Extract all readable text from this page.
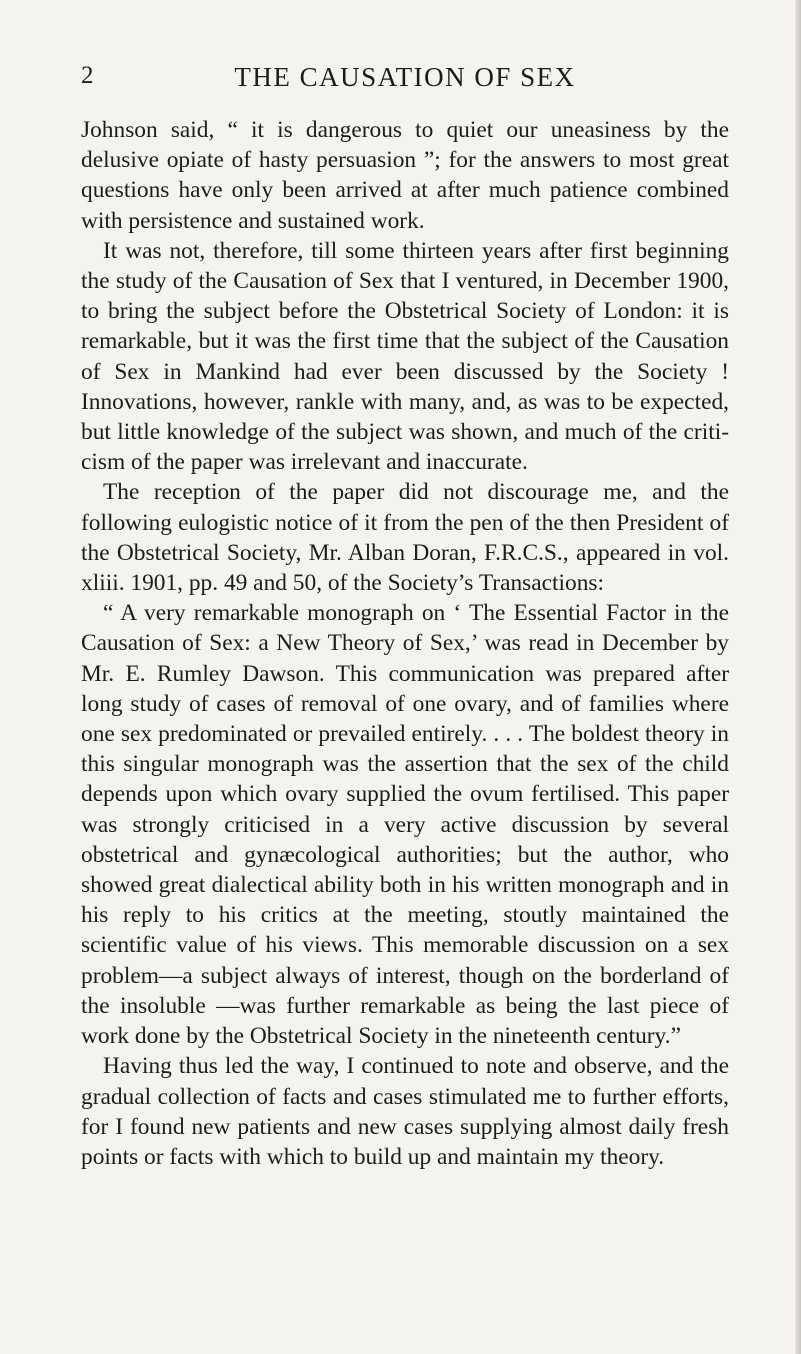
2	THE CAUSATION OF SEX

Johnson said, “ it is dangerous to quiet our uneasiness by the delusive opiate of hasty persuasion ”; for the answers to most great questions have only been arrived at after much patience combined with persistence and sustained work.

It was not, therefore, till some thirteen years after first beginning the study of the Causation of Sex that I ventured, in December 1900, to bring the subject before the Obstetrical Society of London: it is remarkable, but it was the first time that the subject of the Causation of Sex in Mankind had ever been discussed by the Society ! Innovations, however, rankle with many, and, as was to be expected, but little knowledge of the subject was shown, and much of the criti-cism of the paper was irrelevant and inaccurate.

The reception of the paper did not discourage me, and the following eulogistic notice of it from the pen of the then President of the Obstetrical Society, Mr. Alban Doran, F.R.C.S., appeared in vol. xliii. 1901, pp. 49 and 50, of the Society’s Transactions:

“ A very remarkable monograph on ‘ The Essential Factor in the Causation of Sex: a New Theory of Sex,’ was read in December by Mr. E. Rumley Dawson. This communication was prepared after long study of cases of removal of one ovary, and of families where one sex predominated or prevailed entirely. . . . The boldest theory in this singular monograph was the assertion that the sex of the child depends upon which ovary supplied the ovum fertilised. This paper was strongly criticised in a very active discussion by several obstetrical and gynæcological authorities; but the author, who showed great dialectical ability both in his written monograph and in his reply to his critics at the meeting, stoutly maintained the scientific value of his views. This memorable discussion on a sex problem—a subject always of interest, though on the borderland of the insoluble —was further remarkable as being the last piece of work done by the Obstetrical Society in the nineteenth century.”

Having thus led the way, I continued to note and observe, and the gradual collection of facts and cases stimulated me to further efforts, for I found new patients and new cases supplying almost daily fresh points or facts with which to build up and maintain my theory.
